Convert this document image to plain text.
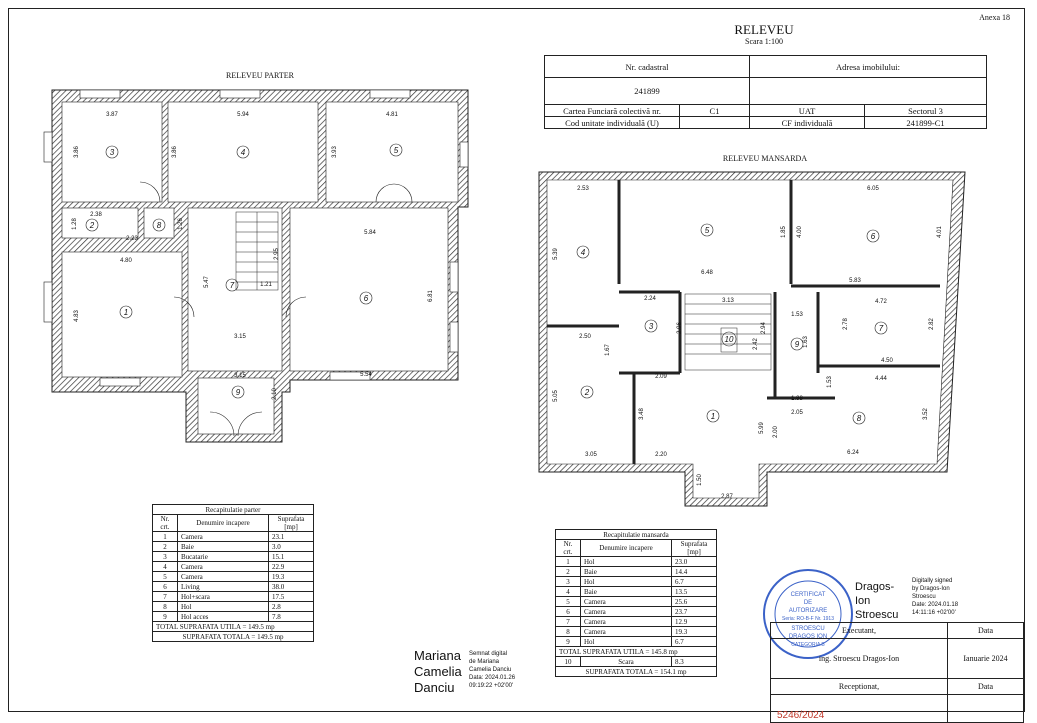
Anexa 18
RELEVEU
Scara 1:100
Nr. cadastral		Adresa imobilului:	
241899			
Cartea Funciară colectivă nr.	C1	UAT	Sectorul 3
Cod unitate individuală (U)		CF individuală	241899-C1
RELEVEU PARTER
RELEVEU MANSARDA
3.87	5.94	4.81
3.86	3.86	3.93
2.38
1.28
2.23
1.26
4.80
5.84
4.83
2.95
1.21
5.47
6.81
3.15
3.15	5.54
2.10
1
2
3	4	5
6
7
8
9
2.53
6.48
6.05
5.39
1.85 4.00	4.01
5.83
2.24	3.13	4.72
2.96	2.94
1.53
2.78	2.82
2.50
1.67
2.42	1.63
4.50
2.09	4.44
1.88
1.53
5.05
3.48
5.99 2.00
2.05	3.52
3.05	2.20	6.24
1.50
2.87
1
2
3
4
5
6
7
8
9
10
Recapitulatie parter		
Nr. crt.	Denumire incapere	Suprafata [mp]
1	Camera	23.1
2	Baie	3.0
3	Bucatarie	15.1
4	Camera	22.9
5	Camera	19.3
6	Living	38.0
7	Hol+scara	17.5
8	Hol	2.8
9	Hol acces	7.8
TOTAL SUPRAFATA UTILA = 149.5 mp		
SUPRAFATA TOTALA = 149.5 mp		
Recapitulatie mansarda		
Nr. crt.	Denumire incapere	Suprafata [mp]
1	Hol	23.0
2	Baie	14.4
3	Hol	6.7
4	Baie	13.5
5	Camera	25.6
6	Camera	23.7
7	Camera	12.9
8	Camera	19.3
9	Hol	6.7
TOTAL SUPRAFATA UTILA = 145.8 mp		
10	Scara	8.3
SUPRAFATA TOTALA = 154.1 mp		
Mariana
Camelia
Danciu
Semnat digital
de Mariana
Camelia Danciu
Data: 2024.01.26
09:19:22 +02'00'
CERTIFICAT
DE
AUTORIZARE
Seria: RO-B-F Nr. 1913
STROESCU
DRAGOS ION
CATEGORIA B
Dragos-
Ion
Stroescu
Digitally signed
by Dragos-Ion
Stroescu
Date: 2024.01.18
14:11:16 +02'00'
Executant,	Data
ing. Stroescu Dragos-Ion	Ianuarie 2024
Receptionat,	Data
5246/2024	
